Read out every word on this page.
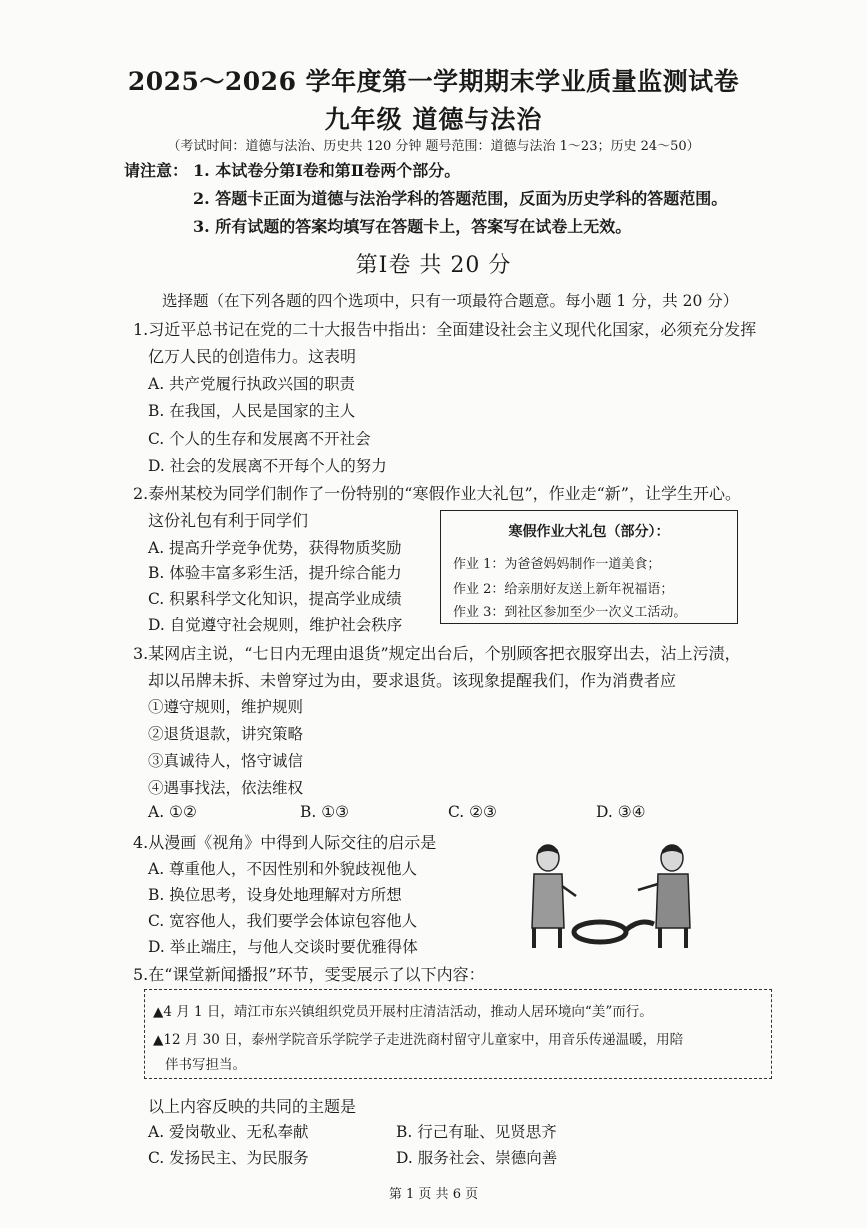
2025～2026 学年度第一学期期末学业质量监测试卷
九年级 道德与法治
（考试时间：道德与法治、历史共 120 分钟 题号范围：道德与法治 1～23；历史 24～50）
请注意： 1. 本试卷分第Ⅰ卷和第Ⅱ卷两个部分。
2. 答题卡正面为道德与法治学科的答题范围，反面为历史学科的答题范围。
3. 所有试题的答案均填写在答题卡上，答案写在试卷上无效。
第Ⅰ卷 共 20 分
选择题（在下列各题的四个选项中，只有一项最符合题意。每小题 1 分，共 20 分）
1.习近平总书记在党的二十大报告中指出：全面建设社会主义现代化国家，必须充分发挥
亿万人民的创造伟力。这表明
A. 共产党履行执政兴国的职责
B. 在我国，人民是国家的主人
C. 个人的生存和发展离不开社会
D. 社会的发展离不开每个人的努力
2.泰州某校为同学们制作了一份特别的“寒假作业大礼包”，作业走“新”，让学生开心。
这份礼包有利于同学们
A. 提高升学竞争优势，获得物质奖励
B. 体验丰富多彩生活，提升综合能力
C. 积累科学文化知识，提高学业成绩
D. 自觉遵守社会规则，维护社会秩序
寒假作业大礼包（部分）：
作业 1：为爸爸妈妈制作一道美食；
作业 2：给亲朋好友送上新年祝福语；
作业 3：到社区参加至少一次义工活动。
3.某网店主说，“七日内无理由退货”规定出台后，个别顾客把衣服穿出去，沾上污渍，
却以吊牌未拆、未曾穿过为由，要求退货。该现象提醒我们，作为消费者应
①遵守规则，维护规则
②退货退款，讲究策略
③真诚待人，恪守诚信
④遇事找法，依法维权
A. ①②	B. ①③	C. ②③	D. ③④
4.从漫画《视角》中得到人际交往的启示是
A. 尊重他人，不因性别和外貌歧视他人
B. 换位思考，设身处地理解对方所想
C. 宽容他人，我们要学会体谅包容他人
D. 举止端庄，与他人交谈时要优雅得体
5.在“课堂新闻播报”环节，雯雯展示了以下内容：
▲4 月 1 日，靖江市东兴镇组织党员开展村庄清洁活动，推动人居环境向“美”而行。
▲12 月 30 日，泰州学院音乐学院学子走进洗商村留守儿童家中，用音乐传递温暖，用陪
伴书写担当。
以上内容反映的共同的主题是
A. 爱岗敬业、无私奉献	B. 行己有耻、见贤思齐
C. 发扬民主、为民服务	D. 服务社会、崇德向善
第 1 页 共 6 页
